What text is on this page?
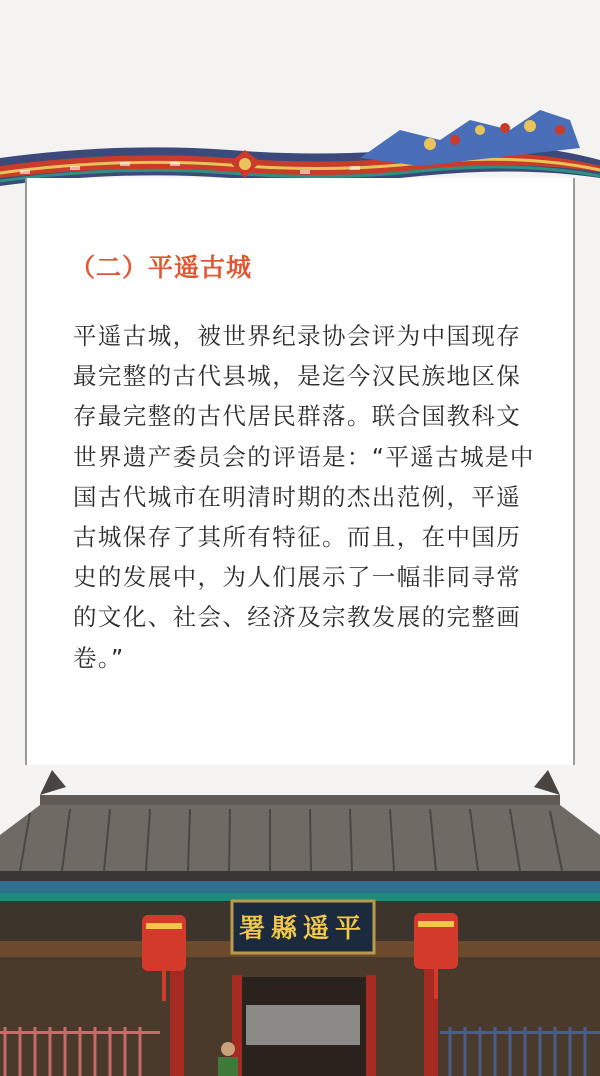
（二）平遥古城

平遥古城，被世界纪录协会评为中国现存最完整的古代县城，是迄今汉民族地区保存最完整的古代居民群落。联合国教科文世界遗产委员会的评语是：“平遥古城是中国古代城市在明清时期的杰出范例，平遥古城保存了其所有特征。而且，在中国历史的发展中，为人们展示了一幅非同寻常的文化、社会、经济及宗教发展的完整画卷。”

署縣遥平
